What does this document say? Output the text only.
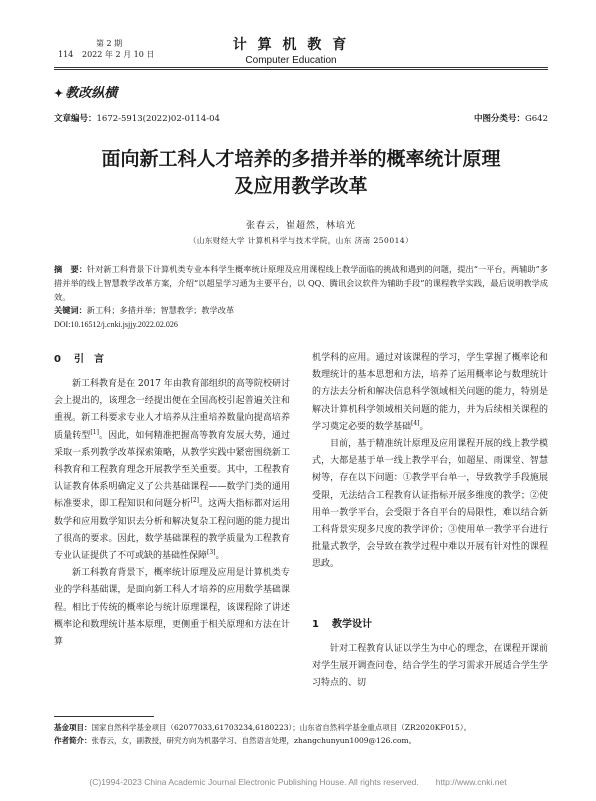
114
第 2 期
2022 年 2 月 10 日
计 算 机 教 育
Computer Education
✦ 教改纵横
文章编号：1672-5913(2022)02-0114-04	中图分类号：G642
面向新工科人才培养的多措并举的概率统计原理
及应用教学改革
张春云，崔超然，林培光
（山东财经大学 计算机科学与技术学院，山东 济南 250014）
摘　要：针对新工科背景下计算机类专业本科学生概率统计原理及应用课程线上教学面临的挑战和遇到的问题，提出“一平台，两辅助”多措并举的线上智慧教学改革方案，介绍“以超星学习通为主要平台，以 QQ、腾讯会议软件为辅助手段”的课程教学实践，最后说明教学成效。
关键词：新工科；多措并举；智慧教学；教学改革
DOI:10.16512/j.cnki.jsjjy.2022.02.026
0 引　言

新工科教育是在 2017 年由教育部组织的高等院校研讨会上提出的，该理念一经提出便在全国高校引起普遍关注和重视。新工科要求专业人才培养从注重培养数量向提高培养质量转型[1]。因此，如何精准把握高等教育发展大势，通过采取一系列教学改革探索策略，从教学实践中紧密围绕新工科教育和工程教育理念开展教学至关重要。其中，工程教育认证教育体系明确定义了公共基础课程——数学门类的通用标准要求，即工程知识和问题分析[2]。这两大指标都对运用数学和应用数学知识去分析和解决复杂工程问题的能力提出了很高的要求。因此，数学基础课程的教学质量为工程教育专业认证提供了不可或缺的基础性保障[3]。

新工科教育背景下，概率统计原理及应用是计算机类专业的学科基础课，是面向新工科人才培养的应用数学基础课程。相比于传统的概率论与统计原理课程，该课程除了讲述概率论和数理统计基本原理，更侧重于相关原理和方法在计算

机学科的应用。通过对该课程的学习，学生掌握了概率论和数理统计的基本思想和方法，培养了运用概率论与数理统计的方法去分析和解决信息科学领域相关问题的能力，特别是解决计算机科学领域相关问题的能力，并为后续相关课程的学习奠定必要的数学基础[4]。

目前，基于精准统计原理及应用课程开展的线上教学模式，大都是基于单一线上教学平台，如超星、雨课堂、智慧树等，存在以下问题：①教学平台单一，导致教学手段施展受限，无法结合工程教育认证指标开展多维度的教学；②使用单一教学平台，会受限于各自平台的局限性，难以结合新工科背景实现多尺度的教学评价；③使用单一教学平台进行批量式教学，会导致在教学过程中难以开展有针对性的课程思政。

1 教学设计

针对工程教育认证以学生为中心的理念，在课程开课前对学生展开调查问卷，结合学生的学习需求开展适合学生学习特点的、切

基金项目：国家自然科学基金项目（62077033,61703234,6180223）；山东省自然科学基金重点项目（ZR2020KF015）。
作者简介：张春云，女，副教授，研究方向为机器学习、自然语言处理，zhangchunyun1009@126.com。
(C)1994-2023 China Academic Journal Electronic Publishing House. All rights reserved.　　http://www.cnki.net
